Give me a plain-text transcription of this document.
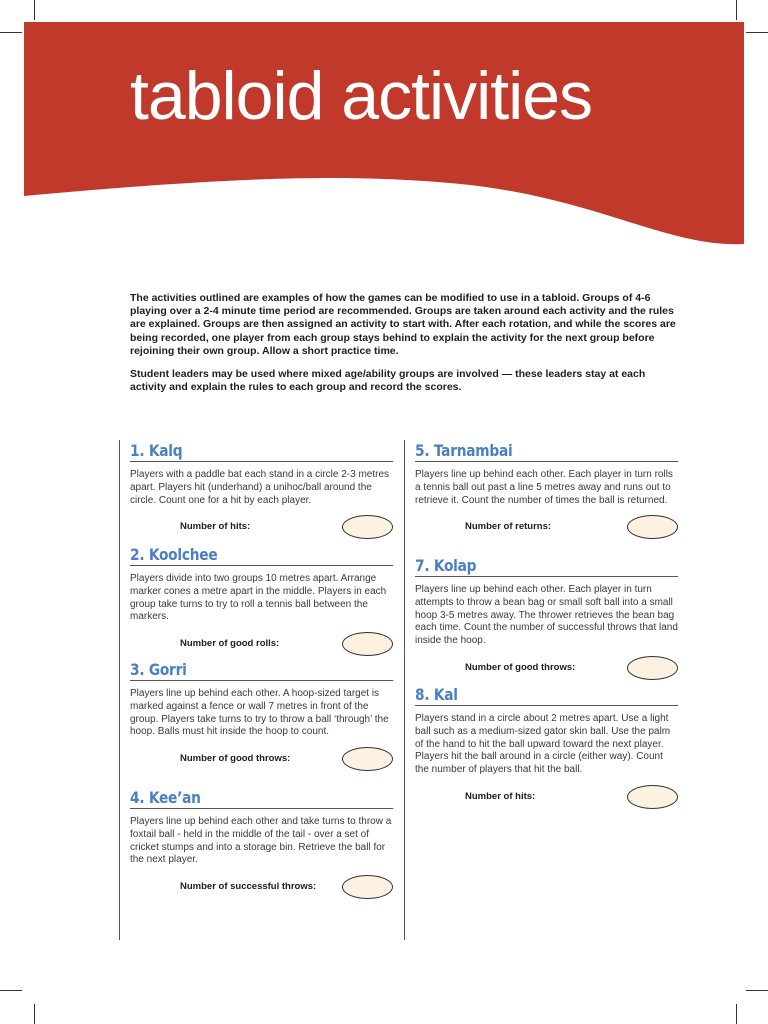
tabloid activities

The activities outlined are examples of how the games can be modified to use in a tabloid. Groups of 4-6 playing over a 2-4 minute time period are recommended. Groups are taken around each activity and the rules are explained. Groups are then assigned an activity to start with. After each rotation, and while the scores are being recorded, one player from each group stays behind to explain the activity for the next group before rejoining their own group. Allow a short practice time.

Student leaders may be used where mixed age/ability groups are involved — these leaders stay at each activity and explain the rules to each group and record the scores.

1. Kalq

Players with a paddle bat each stand in a circle 2-3 metres apart. Players hit (underhand) a unihoc/ball around the circle. Count one for a hit by each player.

Number of hits:
2. Koolchee

Players divide into two groups 10 metres apart. Arrange marker cones a metre apart in the middle. Players in each group take turns to try to roll a tennis ball between the markers.

Number of good rolls:
3. Gorri

Players line up behind each other. A hoop-sized target is marked against a fence or wall 7 metres in front of the group. Players take turns to try to throw a ball ‘through’ the hoop. Balls must hit inside the hoop to count.

Number of good throws:
4. Kee’an

Players line up behind each other and take turns to throw a foxtail ball - held in the middle of the tail - over a set of cricket stumps and into a storage bin. Retrieve the ball for the next player.

Number of successful throws:
5. Tarnambai

Players line up behind each other. Each player in turn rolls a tennis ball out past a line 5 metres away and runs out to retrieve it. Count the number of times the ball is returned.

Number of returns:
7. Kolap

Players line up behind each other. Each player in turn attempts to throw a bean bag or small soft ball into a small hoop 3-5 metres away. The thrower retrieves the bean bag each time. Count the number of successful throws that land inside the hoop.

Number of good throws:
8. Kal

Players stand in a circle about 2 metres apart. Use a light ball such as a medium-sized gator skin ball. Use the palm of the hand to hit the ball upward toward the next player. Players hit the ball around in a circle (either way). Count the number of players that hit the ball.

Number of hits:
